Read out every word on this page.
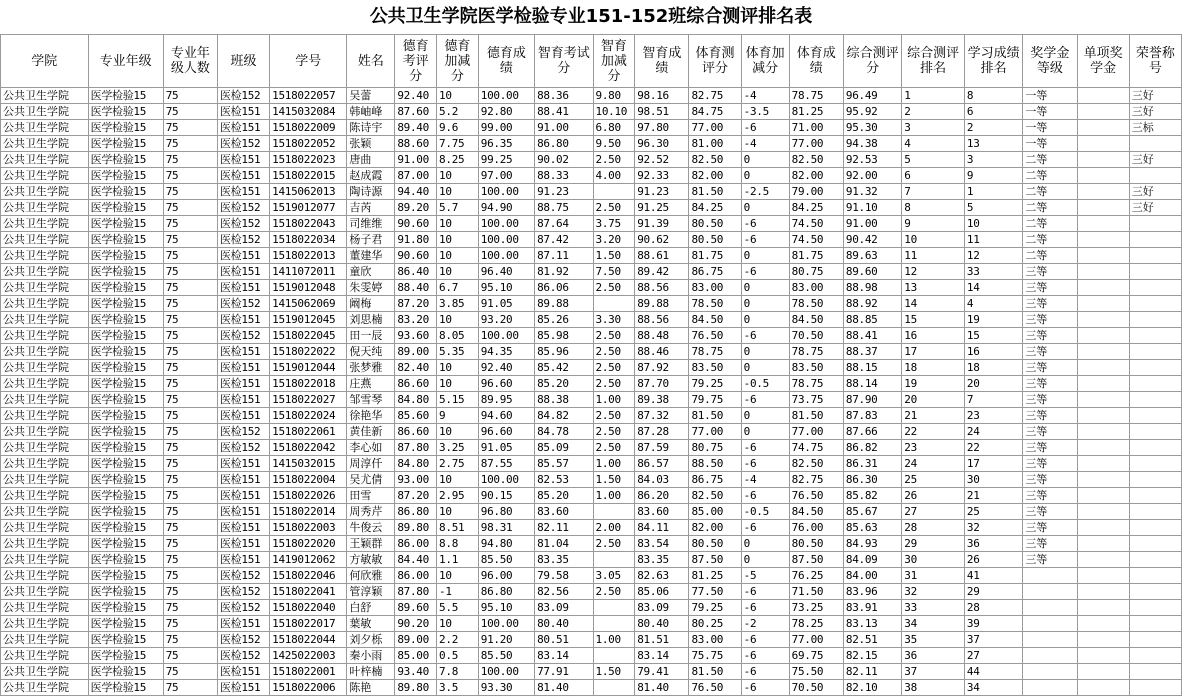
公共卫生学院医学检验专业151-152班综合测评排名表
学院	专业年级	专业年级人数	班级	学号	姓名	德育考评分	德育加减分	德育成绩	智育考试分	智育加减分	智育成绩	体育测评分	体育加减分	体育成绩	综合测评分	综合测评排名	学习成绩排名	奖学金等级	单项奖学金	荣誉称号
公共卫生学院	医学检验15	75	医检152	1518022057	吴蕾	92.40	10	100.00	88.36	9.80	98.16	82.75	-4	78.75	96.49	1	8	一等		三好
公共卫生学院	医学检验15	75	医检151	1415032084	韩岫峰	87.60	5.2	92.80	88.41	10.10	98.51	84.75	-3.5	81.25	95.92	2	6	一等		三好
公共卫生学院	医学检验15	75	医检151	1518022009	陈诗宇	89.40	9.6	99.00	91.00	6.80	97.80	77.00	-6	71.00	95.30	3	2	一等		三标
公共卫生学院	医学检验15	75	医检152	1518022052	张颖	88.60	7.75	96.35	86.80	9.50	96.30	81.00	-4	77.00	94.38	4	13	一等		
公共卫生学院	医学检验15	75	医检151	1518022023	唐曲	91.00	8.25	99.25	90.02	2.50	92.52	82.50	0	82.50	92.53	5	3	二等		三好
公共卫生学院	医学检验15	75	医检151	1518022015	赵成霞	87.00	10	97.00	88.33	4.00	92.33	82.00	0	82.00	92.00	6	9	二等		
公共卫生学院	医学检验15	75	医检151	1415062013	陶诗源	94.40	10	100.00	91.23		91.23	81.50	-2.5	79.00	91.32	7	1	二等		三好
公共卫生学院	医学检验15	75	医检152	1519012077	吉芮	89.20	5.7	94.90	88.75	2.50	91.25	84.25	0	84.25	91.10	8	5	二等		三好
公共卫生学院	医学检验15	75	医检152	1518022043	司维维	90.60	10	100.00	87.64	3.75	91.39	80.50	-6	74.50	91.00	9	10	二等		
公共卫生学院	医学检验15	75	医检152	1518022034	杨子君	91.80	10	100.00	87.42	3.20	90.62	80.50	-6	74.50	90.42	10	11	二等		
公共卫生学院	医学检验15	75	医检151	1518022013	董建华	90.60	10	100.00	87.11	1.50	88.61	81.75	0	81.75	89.63	11	12	二等		
公共卫生学院	医学检验15	75	医检151	1411072011	童欣	86.40	10	96.40	81.92	7.50	89.42	86.75	-6	80.75	89.60	12	33	三等		
公共卫生学院	医学检验15	75	医检151	1519012048	朱雯婷	88.40	6.7	95.10	86.06	2.50	88.56	83.00	0	83.00	88.98	13	14	三等		
公共卫生学院	医学检验15	75	医检152	1415062069	阚梅	87.20	3.85	91.05	89.88		89.88	78.50	0	78.50	88.92	14	4	三等		
公共卫生学院	医学检验15	75	医检151	1519012045	刘思楠	83.20	10	93.20	85.26	3.30	88.56	84.50	0	84.50	88.85	15	19	三等		
公共卫生学院	医学检验15	75	医检152	1518022045	田一辰	93.60	8.05	100.00	85.98	2.50	88.48	76.50	-6	70.50	88.41	16	15	三等		
公共卫生学院	医学检验15	75	医检151	1518022022	倪天纯	89.00	5.35	94.35	85.96	2.50	88.46	78.75	0	78.75	88.37	17	16	三等		
公共卫生学院	医学检验15	75	医检151	1519012044	张梦雅	82.40	10	92.40	85.42	2.50	87.92	83.50	0	83.50	88.15	18	18	三等		
公共卫生学院	医学检验15	75	医检151	1518022018	庄燕	86.60	10	96.60	85.20	2.50	87.70	79.25	-0.5	78.75	88.14	19	20	三等		
公共卫生学院	医学检验15	75	医检151	1518022027	邹雪琴	84.80	5.15	89.95	88.38	1.00	89.38	79.75	-6	73.75	87.90	20	7	三等		
公共卫生学院	医学检验15	75	医检151	1518022024	徐艳华	85.60	9	94.60	84.82	2.50	87.32	81.50	0	81.50	87.83	21	23	三等		
公共卫生学院	医学检验15	75	医检152	1518022061	黄佳新	86.60	10	96.60	84.78	2.50	87.28	77.00	0	77.00	87.66	22	24	三等		
公共卫生学院	医学检验15	75	医检152	1518022042	李心如	87.80	3.25	91.05	85.09	2.50	87.59	80.75	-6	74.75	86.82	23	22	三等		
公共卫生学院	医学检验15	75	医检151	1415032015	周淳仟	84.80	2.75	87.55	85.57	1.00	86.57	88.50	-6	82.50	86.31	24	17	三等		
公共卫生学院	医学检验15	75	医检151	1518022004	吴尤倩	93.00	10	100.00	82.53	1.50	84.03	86.75	-4	82.75	86.30	25	30	三等		
公共卫生学院	医学检验15	75	医检151	1518022026	田雪	87.20	2.95	90.15	85.20	1.00	86.20	82.50	-6	76.50	85.82	26	21	三等		
公共卫生学院	医学检验15	75	医检151	1518022014	周秀芹	86.80	10	96.80	83.60		83.60	85.00	-0.5	84.50	85.67	27	25	三等		
公共卫生学院	医学检验15	75	医检151	1518022003	牛俊云	89.80	8.51	98.31	82.11	2.00	84.11	82.00	-6	76.00	85.63	28	32	三等		
公共卫生学院	医学检验15	75	医检151	1518022020	王颖群	86.00	8.8	94.80	81.04	2.50	83.54	80.50	0	80.50	84.93	29	36	三等		
公共卫生学院	医学检验15	75	医检151	1419012062	方敏敏	84.40	1.1	85.50	83.35		83.35	87.50	0	87.50	84.09	30	26	三等		
公共卫生学院	医学检验15	75	医检152	1518022046	何欣雅	86.00	10	96.00	79.58	3.05	82.63	81.25	-5	76.25	84.00	31	41			
公共卫生学院	医学检验15	75	医检152	1518022041	管淳颖	87.80	-1	86.80	82.56	2.50	85.06	77.50	-6	71.50	83.96	32	29			
公共卫生学院	医学检验15	75	医检152	1518022040	白舒	89.60	5.5	95.10	83.09		83.09	79.25	-6	73.25	83.91	33	28			
公共卫生学院	医学检验15	75	医检151	1518022017	葉敏	90.20	10	100.00	80.40		80.40	80.25	-2	78.25	83.13	34	39			
公共卫生学院	医学检验15	75	医检152	1518022044	刘夕栎	89.00	2.2	91.20	80.51	1.00	81.51	83.00	-6	77.00	82.51	35	37			
公共卫生学院	医学检验15	75	医检152	1425022003	秦小雨	85.00	0.5	85.50	83.14		83.14	75.75	-6	69.75	82.15	36	27			
公共卫生学院	医学检验15	75	医检151	1518022001	叶梓楠	93.40	7.8	100.00	77.91	1.50	79.41	81.50	-6	75.50	82.11	37	44			
公共卫生学院	医学检验15	75	医检151	1518022006	陈艳	89.80	3.5	93.30	81.40		81.40	76.50	-6	70.50	82.10	38	34			
